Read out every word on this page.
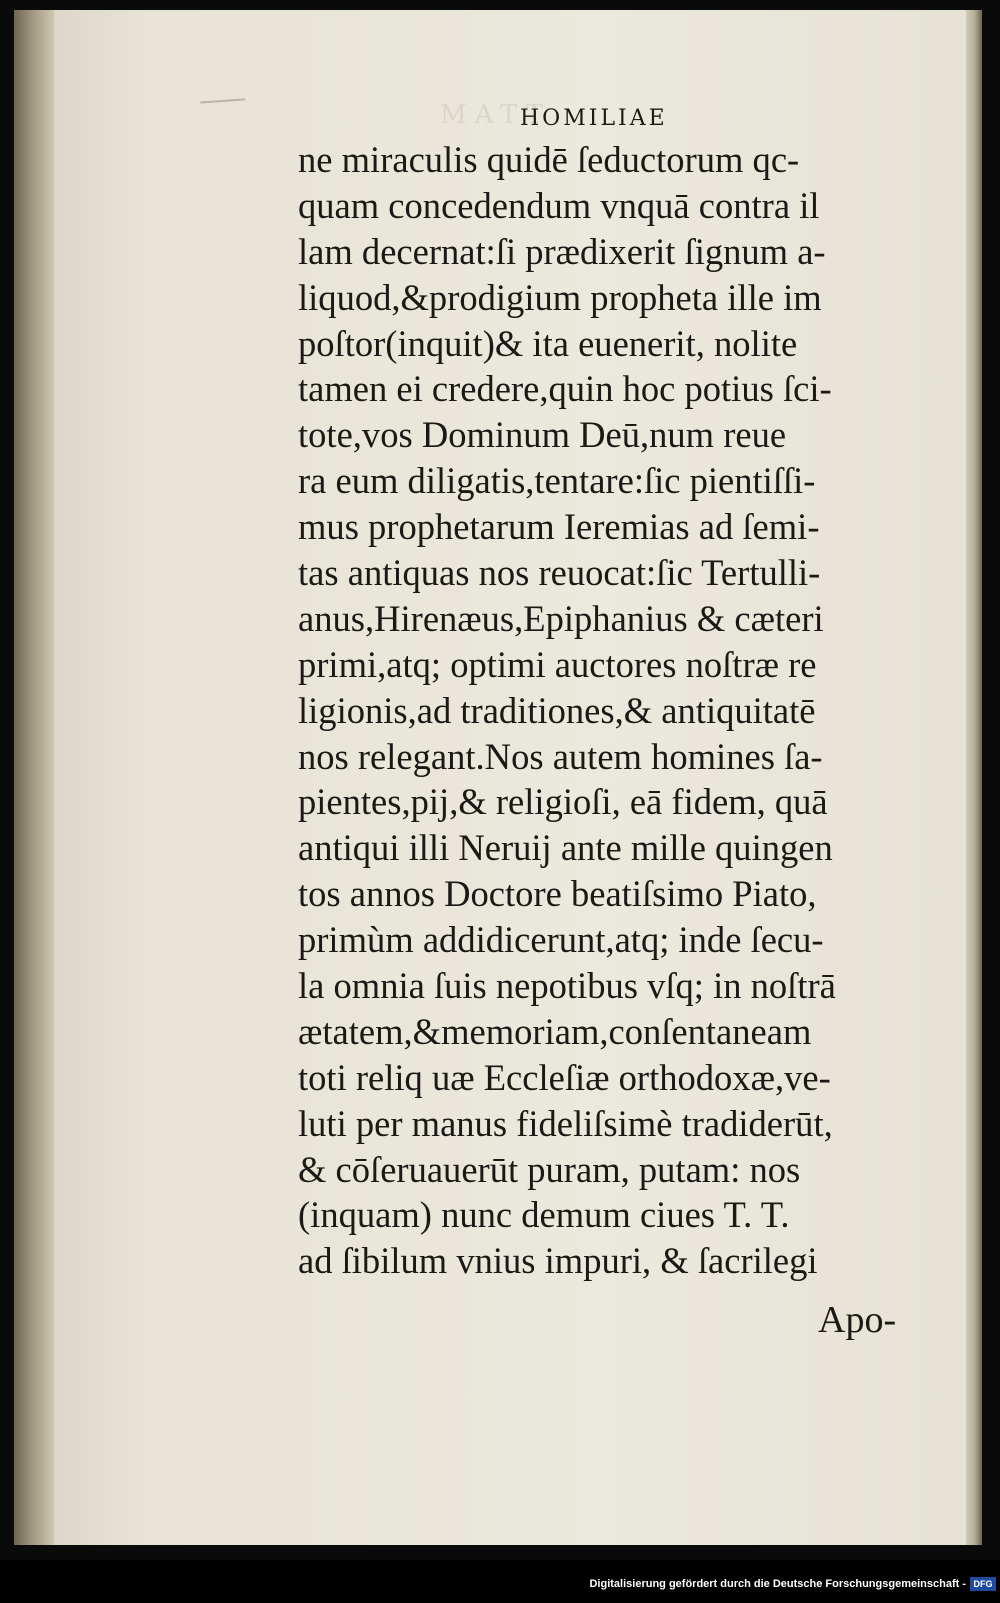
MATT
HOMILIAE
ne miraculis quidē ſeductorum qc-
quam concedendum vnquā contra il
lam decernat:ſi prædixerit ſignum a-
liquod,&prodigium propheta ille im
poſtor(inquit)& ita euenerit, nolite
tamen ei credere,quin hoc potius ſci-
tote,vos Dominum Deū,num reue
ra eum diligatis,tentare:ſic pientiſſi-
mus prophetarum Ieremias ad ſemi-
tas antiquas nos reuocat:ſic Tertulli-
anus,Hirenæus,Epiphanius & cæteri
primi,atq; optimi auctores noſtræ re
ligionis,ad traditiones,& antiquitatē
nos relegant.Nos autem homines ſa-
pientes,pij,& religioſi, eā fidem, quā
antiqui illi Neruij ante mille quingen
tos annos Doctore beatiſsimo Piato,
primùm addidicerunt,atq; inde ſecu-
la omnia ſuis nepotibus vſq; in noſtrā
ætatem,&memoriam,conſentaneam
toti reliq uæ Eccleſiæ orthodoxæ,ve-
luti per manus fideliſsimè tradiderūt,
& cōſeruauerūt puram, putam: nos
(inquam) nunc demum ciues T. T.
ad ſibilum vnius impuri, & ſacrilegi
Apo-
Digitalisierung gefördert durch die Deutsche Forschungsgemeinschaft - DFG
